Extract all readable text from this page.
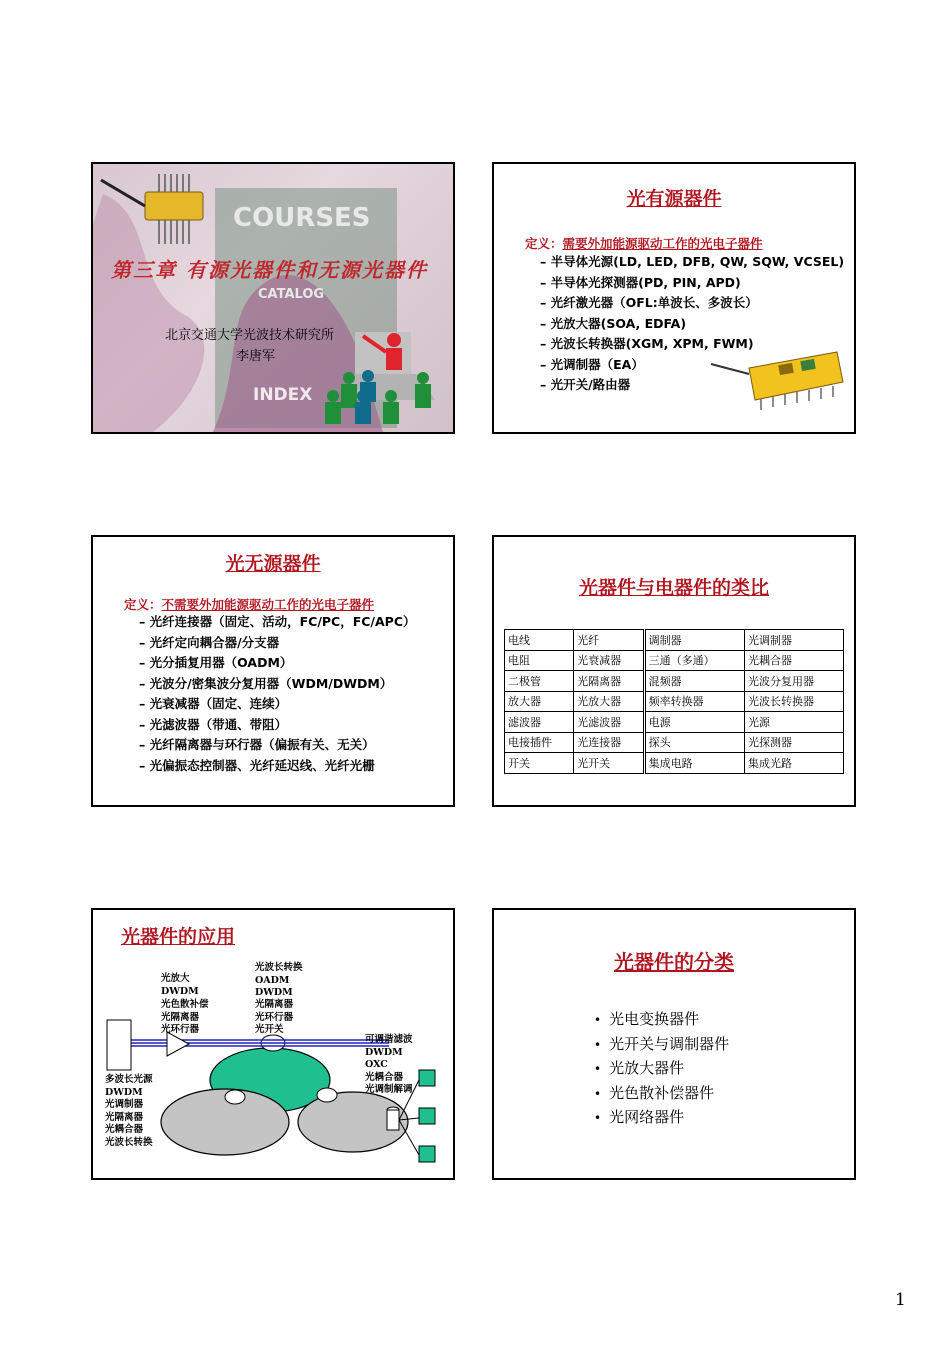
COURSES
CATALOG
INDEX
第三章 有源光器件和无源光器件
北京交通大学光波技术研究所
李唐军
光有源器件
定义：需要外加能源驱动工作的光电子器件
– 半导体光源(LD, LED, DFB, QW, SQW, VCSEL)
– 半导体光探测器(PD, PIN, APD)
– 光纤激光器（OFL:单波长、多波长）
– 光放大器(SOA, EDFA)
– 光波长转换器(XGM, XPM, FWM)
– 光调制器（EA）
– 光开关/路由器
光无源器件
定义：不需要外加能源驱动工作的光电子器件
– 光纤连接器（固定、活动，FC/PC，FC/APC）
– 光纤定向耦合器/分支器
– 光分插复用器（OADM）
– 光波分/密集波分复用器（WDM/DWDM）
– 光衰减器（固定、连续）
– 光滤波器（带通、带阻）
– 光纤隔离器与环行器（偏振有关、无关）
– 光偏振态控制器、光纤延迟线、光纤光栅
光器件与电器件的类比
电线	光纤	调制器	光调制器
电阻	光衰减器	三通（多通）	光耦合器
二极管	光隔离器	混频器	光波分复用器
放大器	光放大器	频率转换器	光波长转换器
滤波器	光滤波器	电源	光源
电接插件	光连接器	探头	光探测器
开关	光开关	集成电路	集成光路
光器件的应用
光放大
DWDM
光色散补偿
光隔离器
光环行器
光波长转换
OADM
DWDM
光隔离器
光环行器
光开关
可调谐滤波
DWDM
OXC
光耦合器
光调制解调
多波长光源
DWDM
光调制器
光隔离器
光耦合器
光波长转换
光器件的分类
• 光电变换器件
• 光开关与调制器件
• 光放大器件
• 光色散补偿器件
• 光网络器件
1
